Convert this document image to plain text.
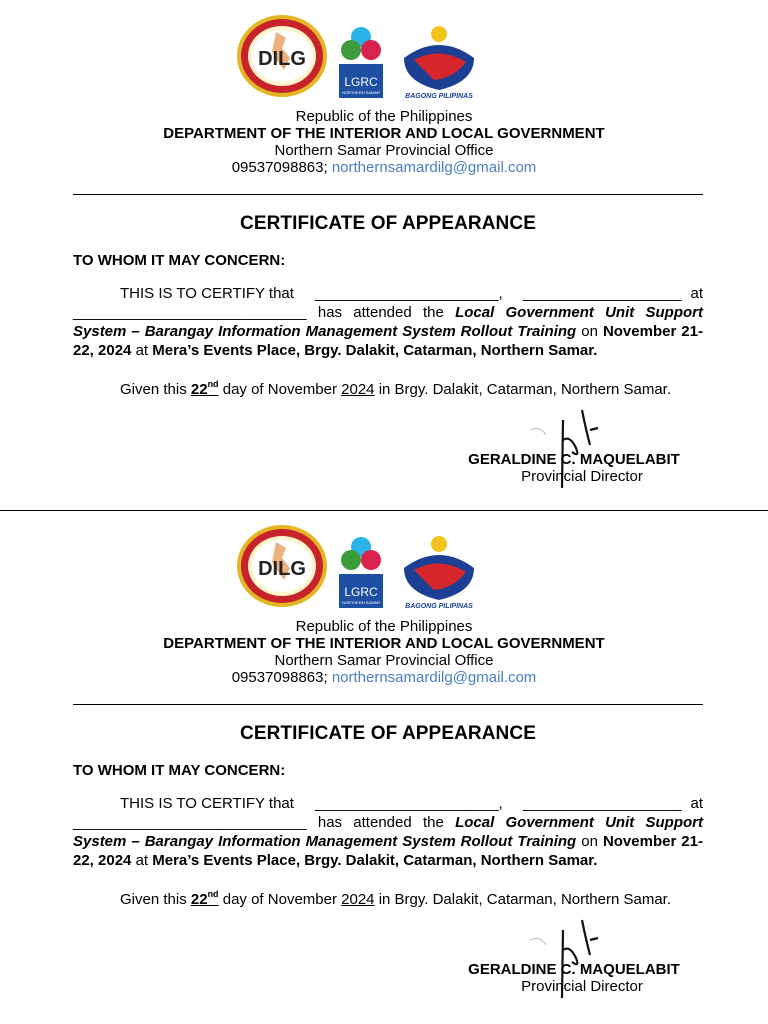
DILG
LGRC
NORTHERN SAMAR
BAGONG PILIPINAS
Republic of the Philippines
DEPARTMENT OF THE INTERIOR AND LOCAL GOVERNMENT
Northern Samar Provincial Office
09537098863; northernsamardilg@gmail.com
CERTIFICATE OF APPEARANCE
TO WHOM IT MAY CONCERN:
THIS IS TO CERTIFY that ______________________, ___________________ at
____________________________ has attended the Local Government Unit Support System – Barangay Information Management System Rollout Training on November 21-22, 2024 at Mera’s Events Place, Brgy. Dalakit, Catarman, Northern Samar.
Given this 22nd day of November 2024 in Brgy. Dalakit, Catarman, Northern Samar.
GERALDINE C. MAQUELABIT
Provincial Director
DILG
LGRC
NORTHERN SAMAR
BAGONG PILIPINAS
Republic of the Philippines
DEPARTMENT OF THE INTERIOR AND LOCAL GOVERNMENT
Northern Samar Provincial Office
09537098863; northernsamardilg@gmail.com
CERTIFICATE OF APPEARANCE
TO WHOM IT MAY CONCERN:
THIS IS TO CERTIFY that ______________________, ___________________ at
____________________________ has attended the Local Government Unit Support System – Barangay Information Management System Rollout Training on November 21-22, 2024 at Mera’s Events Place, Brgy. Dalakit, Catarman, Northern Samar.
Given this 22nd day of November 2024 in Brgy. Dalakit, Catarman, Northern Samar.
GERALDINE C. MAQUELABIT
Provincial Director
